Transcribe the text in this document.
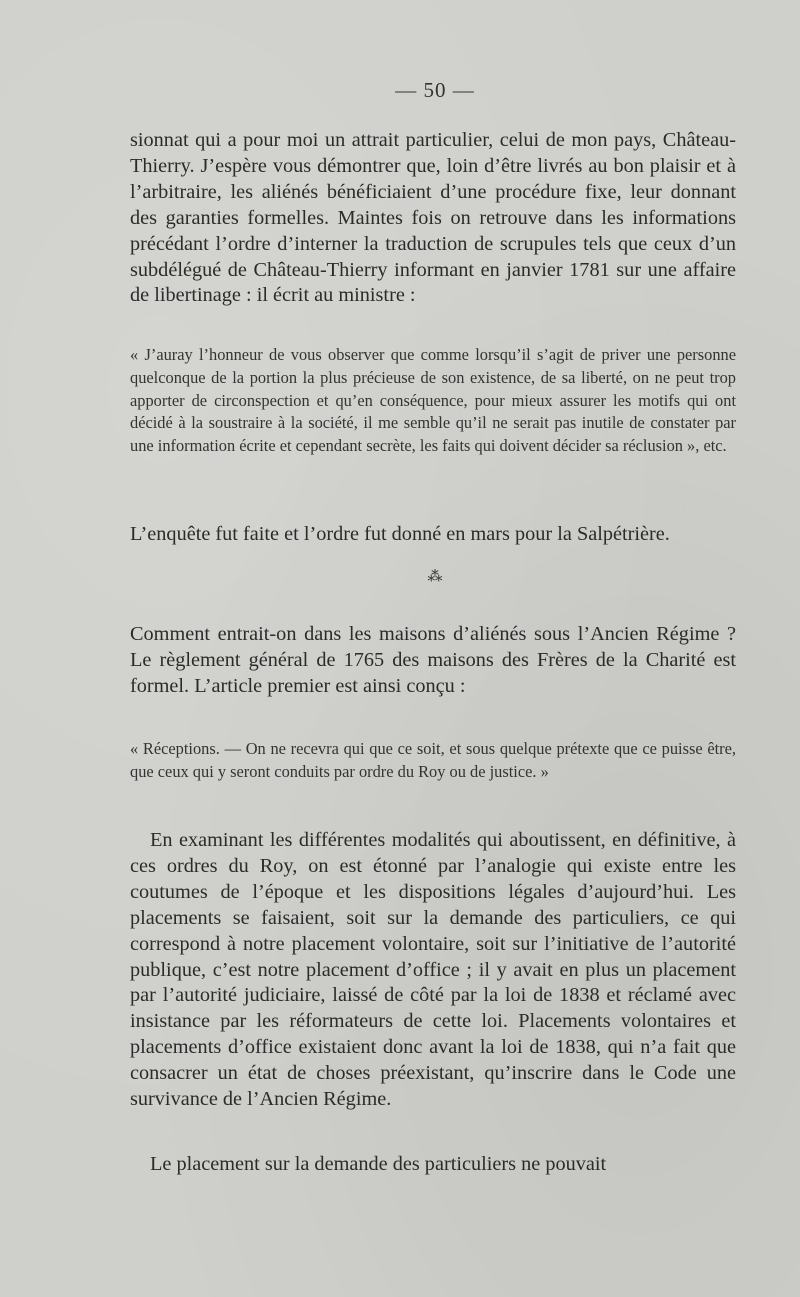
— 50 —
sionnat qui a pour moi un attrait particulier, celui de mon pays, Château-Thierry. J’espère vous démontrer que, loin d’être livrés au bon plaisir et à l’arbitraire, les aliénés bénéficiaient d’une procédure fixe, leur donnant des garanties formelles. Maintes fois on retrouve dans les informations précédant l’ordre d’interner la traduction de scrupules tels que ceux d’un subdélégué de Château-Thierry informant en janvier 1781 sur une affaire de libertinage : il écrit au ministre :
« J’auray l’honneur de vous observer que comme lorsqu’il s’agit de priver une personne quelconque de la portion la plus précieuse de son existence, de sa liberté, on ne peut trop apporter de circonspection et qu’en conséquence, pour mieux assurer les motifs qui ont décidé à la soustraire à la société, il me semble qu’il ne serait pas inutile de constater par une information écrite et cependant secrète, les faits qui doivent décider sa réclusion », etc.
L’enquête fut faite et l’ordre fut donné en mars pour la Salpétrière.
⁂
Comment entrait-on dans les maisons d’aliénés sous l’Ancien Régime ? Le règlement général de 1765 des maisons des Frères de la Charité est formel. L’article premier est ainsi conçu :
« Réceptions. — On ne recevra qui que ce soit, et sous quelque prétexte que ce puisse être, que ceux qui y seront conduits par ordre du Roy ou de justice. »
En examinant les différentes modalités qui aboutissent, en définitive, à ces ordres du Roy, on est étonné par l’analogie qui existe entre les coutumes de l’époque et les dispositions légales d’aujourd’hui. Les placements se faisaient, soit sur la demande des particuliers, ce qui correspond à notre placement volontaire, soit sur l’initiative de l’autorité publique, c’est notre placement d’office ; il y avait en plus un placement par l’autorité judiciaire, laissé de côté par la loi de 1838 et réclamé avec insistance par les réformateurs de cette loi. Placements volontaires et placements d’office existaient donc avant la loi de 1838, qui n’a fait que consacrer un état de choses préexistant, qu’inscrire dans le Code une survivance de l’Ancien Régime.
Le placement sur la demande des particuliers ne pouvait
